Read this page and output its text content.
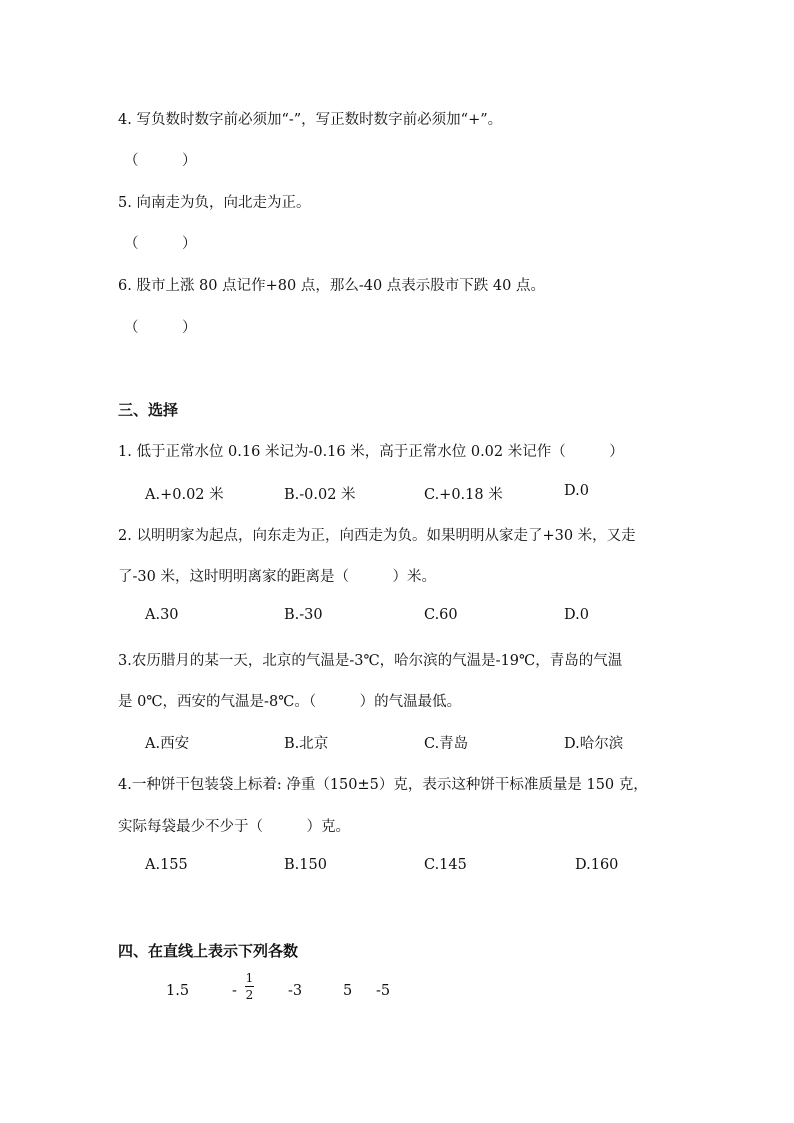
4. 写负数时数字前必须加“-”，写正数时数字前必须加“+”。
（　　　）
5. 向南走为负，向北走为正。
（　　　）
6. 股市上涨 80 点记作+80 点，那么-40 点表示股市下跌 40 点。
（　　　）
三、选择
1. 低于正常水位 0.16 米记为-0.16 米，高于正常水位 0.02 米记作（　　　）
A.+0.02 米	B.-0.02 米	C.+0.18 米	D.0
2. 以明明家为起点，向东走为正，向西走为负。如果明明从家走了+30 米，又走
了-30 米，这时明明离家的距离是（　　　）米。
A.30	B.-30	C.60	D.0
3.农历腊月的某一天，北京的气温是-3℃，哈尔滨的气温是-19℃，青岛的气温
是 0℃，西安的气温是-8℃。（　　　）的气温最低。
A.西安	B.北京	C.青岛	D.哈尔滨
4.一种饼干包装袋上标着: 净重（150±5）克，表示这种饼干标准质量是 150 克，
实际每袋最少不少于（　　　）克。
A.155	B.150	C.145	D.160
四、在直线上表示下列各数
1.5	-
1
2 -3	5 -5
